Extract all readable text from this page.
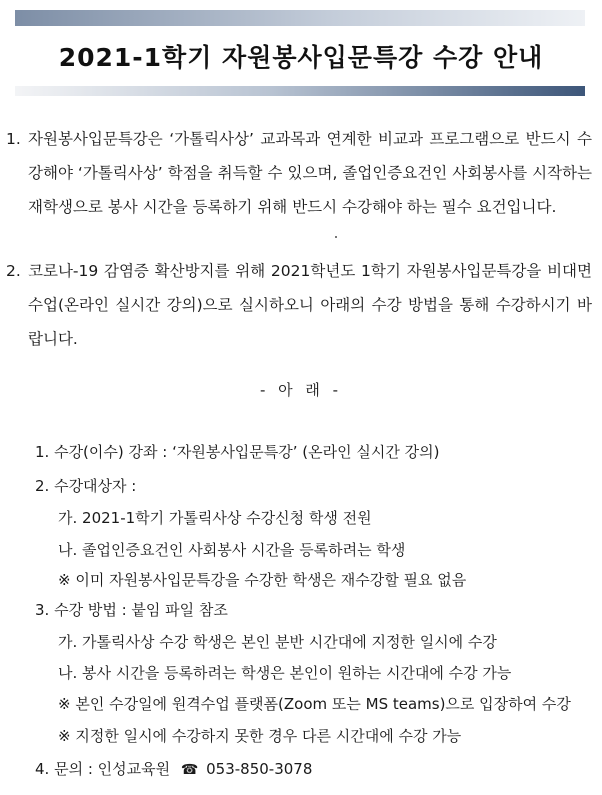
2021-1학기 자원봉사입문특강 수강 안내
1. 자원봉사입문특강은 ‘가톨릭사상’ 교과목과 연계한 비교과 프로그램으로 반드시 수강해야 ‘가톨릭사상’ 학점을 취득할 수 있으며, 졸업인증요건인 사회봉사를 시작하는 재학생으로 봉사 시간을 등록하기 위해 반드시 수강해야 하는 필수 요건입니다.
2. 코로나-19 감염증 확산방지를 위해 2021학년도 1학기 자원봉사입문특강을 비대면수업(온라인 실시간 강의)으로 실시하오니 아래의 수강 방법을 통해 수강하시기 바랍니다.
- 아 래 -
1. 수강(이수) 강좌 : ‘자원봉사입문특강’ (온라인 실시간 강의)
2. 수강대상자 :
가. 2021-1학기 가톨릭사상 수강신청 학생 전원
나. 졸업인증요건인 사회봉사 시간을 등록하려는 학생
※ 이미 자원봉사입문특강을 수강한 학생은 재수강할 필요 없음
3. 수강 방법 : 붙임 파일 참조
가. 가톨릭사상 수강 학생은 본인 분반 시간대에 지정한 일시에 수강
나. 봉사 시간을 등록하려는 학생은 본인이 원하는 시간대에 수강 가능
※ 본인 수강일에 원격수업 플랫폼(Zoom 또는 MS teams)으로 입장하여 수강
※ 지정한 일시에 수강하지 못한 경우 다른 시간대에 수강 가능
4. 문의 : 인성교육원 ☎ 053-850-3078
